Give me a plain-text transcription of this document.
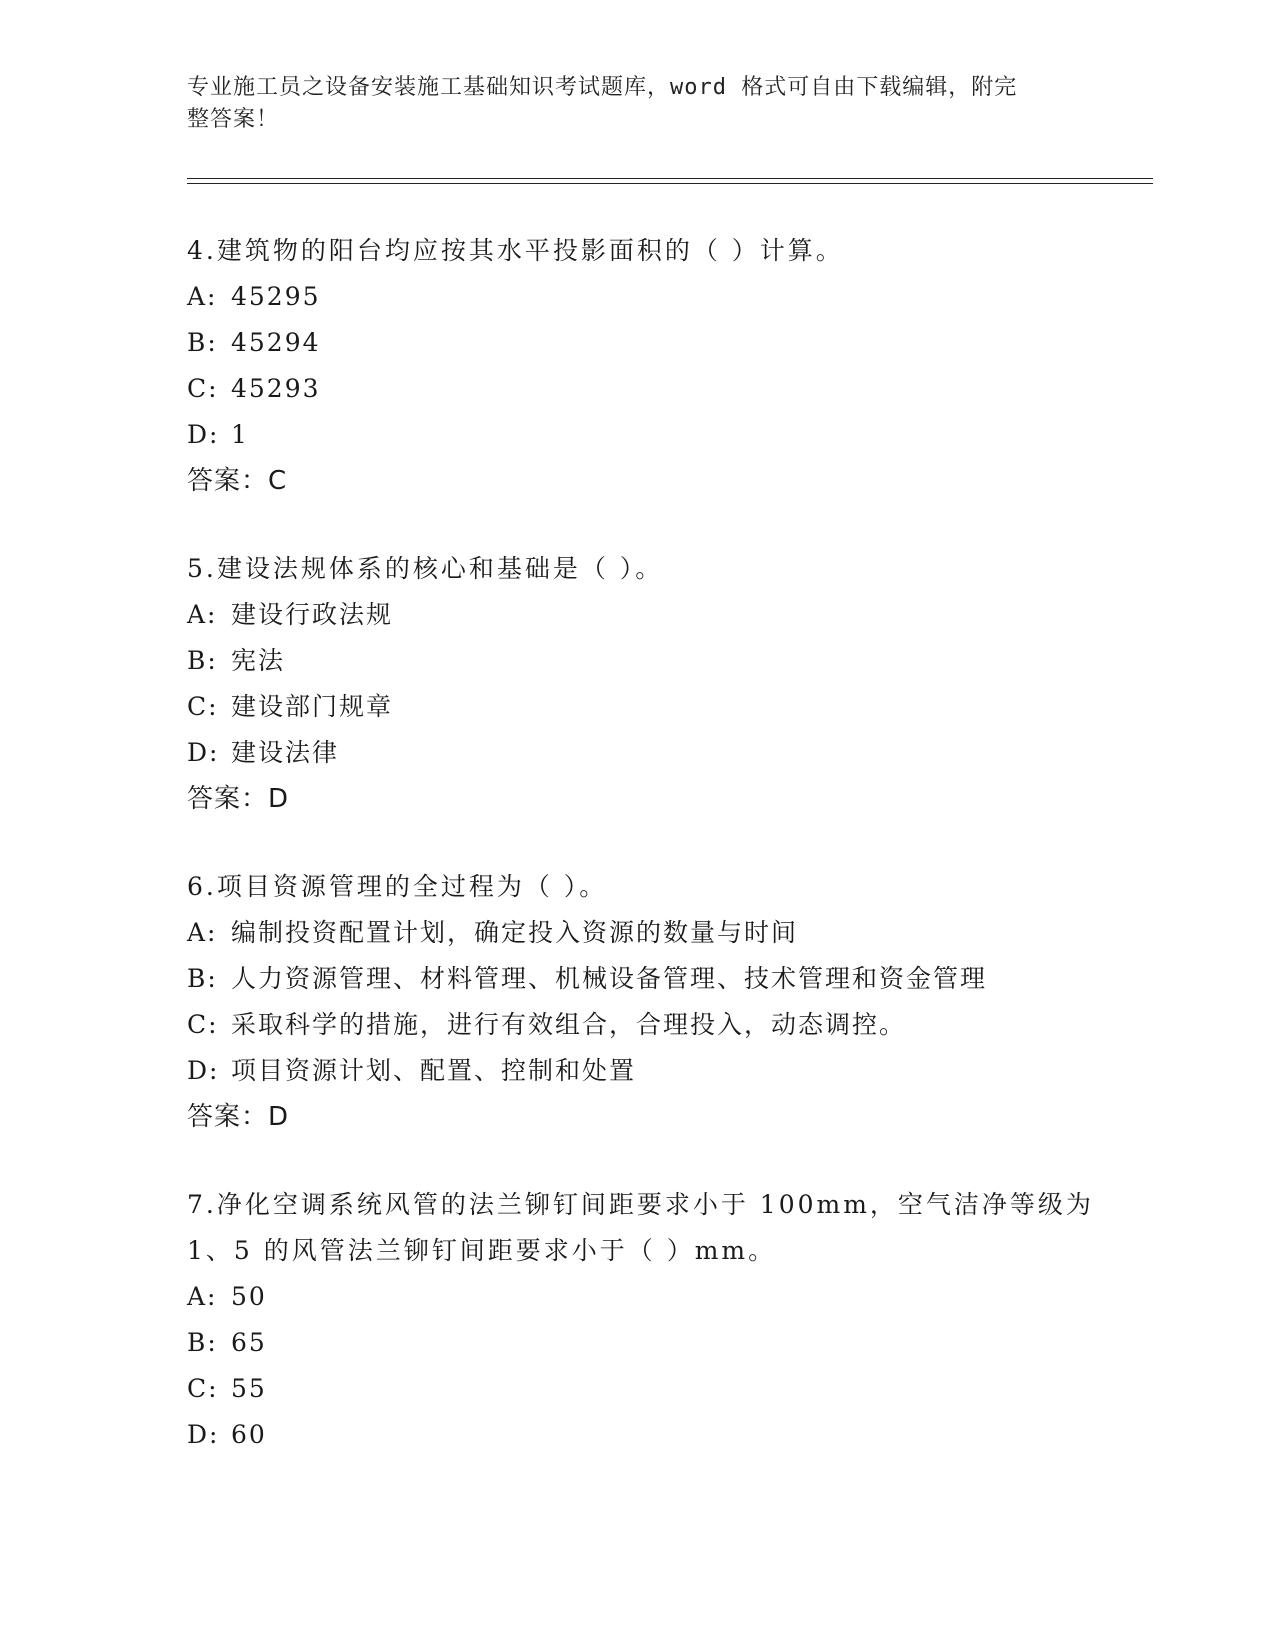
专业施工员之设备安装施工基础知识考试题库，word 格式可自由下载编辑，附完
整答案！
4.建筑物的阳台均应按其水平投影面积的（ ）计算。
A: 45295
B: 45294
C: 45293
D: 1
答案：C
5.建设法规体系的核心和基础是（ ）。
A: 建设行政法规
B: 宪法
C: 建设部门规章
D: 建设法律
答案：D
6.项目资源管理的全过程为（ ）。
A: 编制投资配置计划，确定投入资源的数量与时间
B: 人力资源管理、材料管理、机械设备管理、技术管理和资金管理
C: 采取科学的措施，进行有效组合，合理投入，动态调控。
D: 项目资源计划、配置、控制和处置
答案：D
7.净化空调系统风管的法兰铆钉间距要求小于 100mm，空气洁净等级为
1、5 的风管法兰铆钉间距要求小于（ ）mm。
A: 50
B: 65
C: 55
D: 60
